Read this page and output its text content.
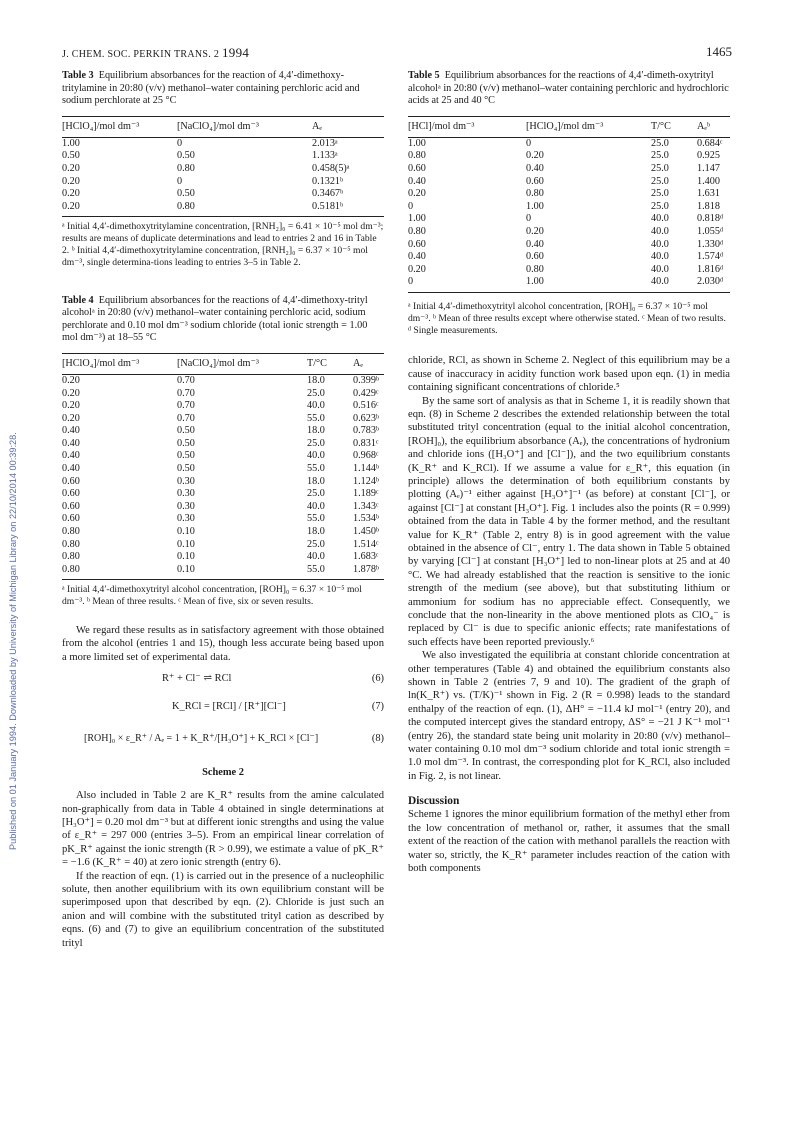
Published on 01 January 1994. Downloaded by University of Michigan Library on 22/10/2014 00:39:28.
J. CHEM. SOC. PERKIN TRANS. 2 1994	1465

Table 3 Equilibrium absorbances for the reaction of 4,4′-dimethoxy-tritylamine in 20:80 (v/v) methanol–water containing perchloric acid and sodium perchlorate at 25 °C

[HClO₄]/mol dm⁻³	[NaClO₄]/mol dm⁻³	Aₑ
1.00	0	2.013ᵃ
0.50	0.50	1.133ᵃ
0.20	0.80	0.458(5)ᵃ
0.20	0	0.1321ᵇ
0.20	0.50	0.3467ᵇ
0.20	0.80	0.5181ᵇ

ᵃ Initial 4,4′-dimethoxytritylamine concentration, [RNH₂]₀ = 6.41 × 10⁻⁵ mol dm⁻³; results are means of duplicate determinations and lead to entries 2 and 16 in Table 2. ᵇ Initial 4,4′-dimethoxytritylamine concentration, [RNH₂]₀ = 6.37 × 10⁻⁵ mol dm⁻³, single determina-tions leading to entries 3–5 in Table 2.

Table 4 Equilibrium absorbances for the reactions of 4,4′-dimethoxy-trityl alcoholᵃ in 20:80 (v/v) methanol–water containing perchloric acid, sodium perchlorate and 0.10 mol dm⁻³ sodium chloride (total ionic strength = 1.00 mol dm⁻³) at 18–55 °C

[HClO₄]/mol dm⁻³	[NaClO₄]/mol dm⁻³	T/°C	Aₑ
0.20	0.70	18.0	0.399ᵇ
0.20	0.70	25.0	0.429ᶜ
0.20	0.70	40.0	0.516ᶜ
0.20	0.70	55.0	0.623ᵇ
0.40	0.50	18.0	0.783ᵇ
0.40	0.50	25.0	0.831ᶜ
0.40	0.50	40.0	0.968ᶜ
0.40	0.50	55.0	1.144ᵇ
0.60	0.30	18.0	1.124ᵇ
0.60	0.30	25.0	1.189ᶜ
0.60	0.30	40.0	1.343ᶜ
0.60	0.30	55.0	1.534ᵇ
0.80	0.10	18.0	1.450ᵇ
0.80	0.10	25.0	1.514ᶜ
0.80	0.10	40.0	1.683ᶜ
0.80	0.10	55.0	1.878ᵇ

ᵃ Initial 4,4′-dimethoxytrityl alcohol concentration, [ROH]₀ = 6.37 × 10⁻⁵ mol dm⁻³. ᵇ Mean of three results. ᶜ Mean of five, six or seven results.

We regard these results as in satisfactory agreement with those obtained from the alcohol (entries 1 and 15), though less accurate being based upon a more limited set of experimental data.

R⁺ + Cl⁻ ⇌ RCl	(6)
K_RCl = [RCl] / [R⁺][Cl⁻]	(7)
[ROH]₀ × ε_R⁺ / Aₑ = 1 + K_R⁺/[H₃O⁺] + K_RCl × [Cl⁻]	(8)
Scheme 2

Also included in Table 2 are K_R⁺ results from the amine calculated non-graphically from data in Table 4 obtained in single determinations at [H₃O⁺] = 0.20 mol dm⁻³ but at different ionic strengths and using the value of ε_R⁺ = 297 000 (entries 3–5). From an empirical linear correlation of pK_R⁺ against the ionic strength (R > 0.99), we estimate a value of pK_R⁺ = −1.6 (K_R⁺ = 40) at zero ionic strength (entry 6).

If the reaction of eqn. (1) is carried out in the presence of a nucleophilic solute, then another equilibrium with its own equilibrium constant will be superimposed upon that described by eqn. (2). Chloride is just such an anion and will combine with the substituted trityl cation as described by eqns. (6) and (7) to give an equilibrium concentration of the substituted trityl

Table 5 Equilibrium absorbances for the reactions of 4,4′-dimeth-oxytrityl alcoholᵃ in 20:80 (v/v) methanol–water containing perchloric and hydrochloric acids at 25 and 40 °C

[HCl]/mol dm⁻³	[HClO₄]/mol dm⁻³	T/°C	Aₑᵇ
1.00	0	25.0	0.684ᶜ
0.80	0.20	25.0	0.925
0.60	0.40	25.0	1.147
0.40	0.60	25.0	1.400
0.20	0.80	25.0	1.631
0	1.00	25.0	1.818
1.00	0	40.0	0.818ᵈ
0.80	0.20	40.0	1.055ᵈ
0.60	0.40	40.0	1.330ᵈ
0.40	0.60	40.0	1.574ᵈ
0.20	0.80	40.0	1.816ᵈ
0	1.00	40.0	2.030ᵈ

ᵃ Initial 4,4′-dimethoxytrityl alcohol concentration, [ROH]₀ = 6.37 × 10⁻⁵ mol dm⁻³. ᵇ Mean of three results except where otherwise stated. ᶜ Mean of two results. ᵈ Single measurements.

chloride, RCl, as shown in Scheme 2. Neglect of this equilibrium may be a cause of inaccuracy in acidity function work based upon eqn. (1) in media containing significant concentrations of chloride.⁵

By the same sort of analysis as that in Scheme 1, it is readily shown that eqn. (8) in Scheme 2 describes the extended relationship between the total substituted trityl concentration (equal to the initial alcohol concentration, [ROH]₀), the equilibrium absorbance (Aₑ), the concentrations of hydronium and chloride ions ([H₃O⁺] and [Cl⁻]), and the two equilibrium constants (K_R⁺ and K_RCl). If we assume a value for ε_R⁺, this equation (in principle) allows the determination of both equilibrium constants by plotting (Aₑ)⁻¹ either against [H₃O⁺]⁻¹ (as before) at constant [Cl⁻], or against [Cl⁻] at constant [H₃O⁺]. Fig. 1 includes also the points (R = 0.999) obtained from the data in Table 4 by the former method, and the resultant value for K_R⁺ (Table 2, entry 8) is in good agreement with the value obtained in the absence of Cl⁻, entry 1. The data shown in Table 5 obtained by varying [Cl⁻] at constant [H₃O⁺] led to non-linear plots at 25 and at 40 °C. We had already established that the reaction is sensitive to the ionic strength of the medium (see above), but that substituting lithium or ammonium for sodium has no appreciable effect. Consequently, we conclude that the non-linearity in the above mentioned plots as ClO₄⁻ is replaced by Cl⁻ is due to specific anionic effects; rate manifestations of such effects have been reported previously.⁶

We also investigated the equilibria at constant chloride concentration at other temperatures (Table 4) and obtained the equilibrium constants also shown in Table 2 (entries 7, 9 and 10). The gradient of the graph of ln(K_R⁺) vs. (T/K)⁻¹ shown in Fig. 2 (R = 0.998) leads to the standard enthalpy of the reaction of eqn. (1), ΔH° = −11.4 kJ mol⁻¹ (entry 20), and the computed intercept gives the standard entropy, ΔS° = −21 J K⁻¹ mol⁻¹ (entry 26), the standard state being unit molarity in 20:80 (v/v) methanol–water containing 0.10 mol dm⁻³ sodium chloride and total ionic strength = 1.0 mol dm⁻³. In contrast, the corresponding plot for K_RCl, also included in Fig. 2, is not linear.

Discussion

Scheme 1 ignores the minor equilibrium formation of the methyl ether from the low concentration of methanol or, rather, it assumes that the small extent of the reaction of the cation with methanol parallels the reaction with water so, strictly, the K_R⁺ parameter includes reaction of the cation with both components
